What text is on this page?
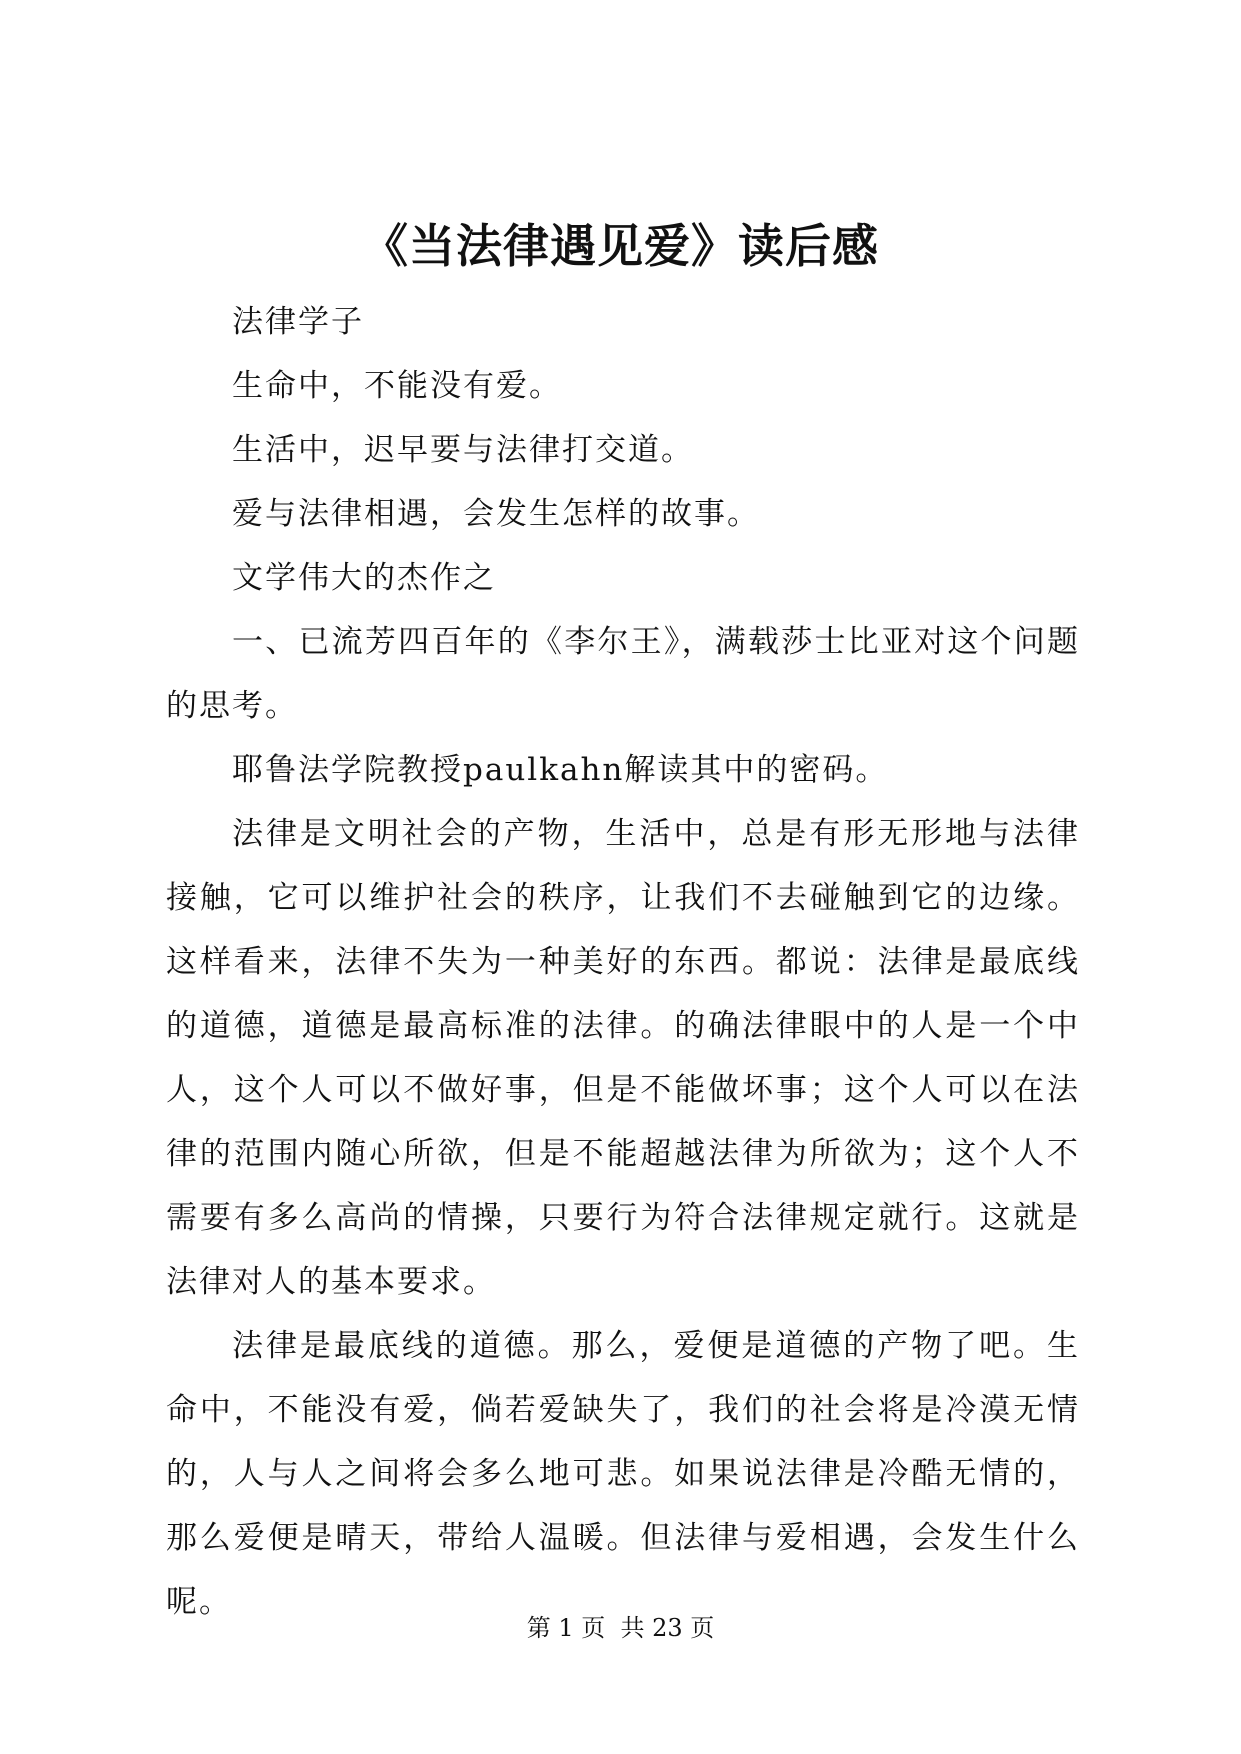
《当法律遇见爱》读后感

法律学子

生命中，不能没有爱。

生活中，迟早要与法律打交道。

爱与法律相遇，会发生怎样的故事。

文学伟大的杰作之

一、已流芳四百年的《李尔王》，满载莎士比亚对这个问题的思考。

耶鲁法学院教授paulkahn解读其中的密码。

法律是文明社会的产物，生活中，总是有形无形地与法律接触，它可以维护社会的秩序，让我们不去碰触到它的边缘。这样看来，法律不失为一种美好的东西。都说：法律是最底线的道德，道德是最高标准的法律。的确法律眼中的人是一个中人，这个人可以不做好事，但是不能做坏事；这个人可以在法律的范围内随心所欲，但是不能超越法律为所欲为；这个人不需要有多么高尚的情操，只要行为符合法律规定就行。这就是法律对人的基本要求。

法律是最底线的道德。那么，爱便是道德的产物了吧。生命中，不能没有爱，倘若爱缺失了，我们的社会将是冷漠无情的，人与人之间将会多么地可悲。如果说法律是冷酷无情的，那么爱便是晴天，带给人温暖。但法律与爱相遇，会发生什么呢。

第 1 页  共 23 页
